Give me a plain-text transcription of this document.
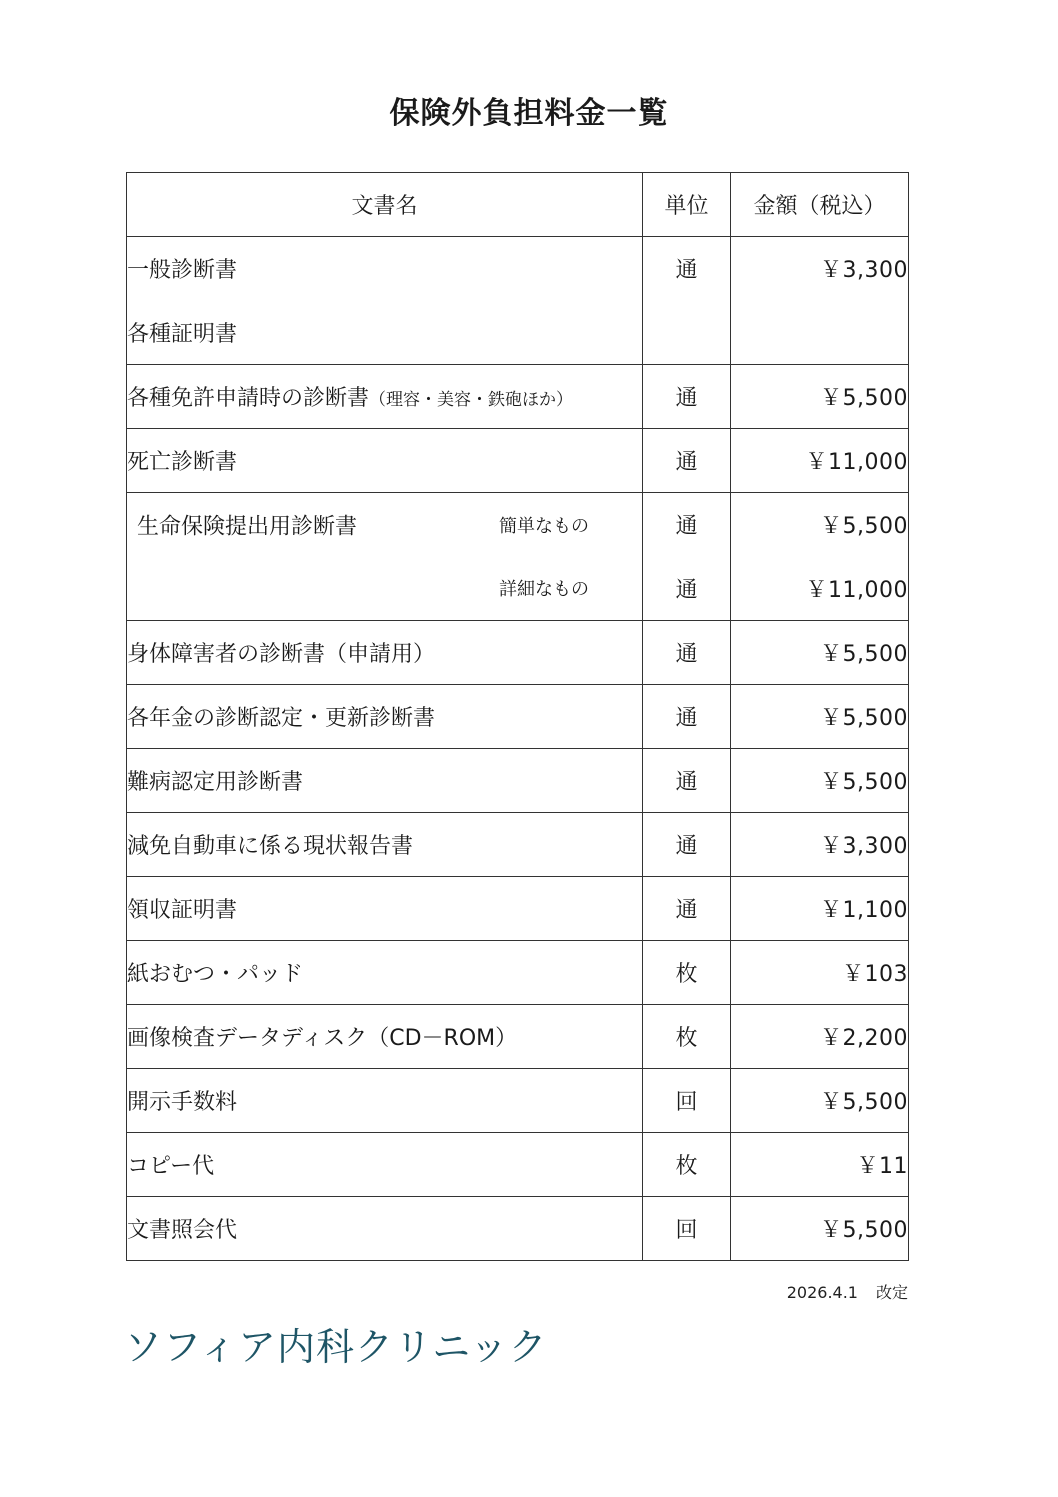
保険外負担料金一覧
文書名	単位	金額（税込）
一般診断書	通	￥3,300
各種証明書		
各種免許申請時の診断書（理容・美容・鉄砲ほか）	通	￥5,500
死亡診断書	通	￥11,000

生命保険提出用診断書 簡単なもの	通	￥5,500

詳細なもの	通	￥11,000
身体障害者の診断書（申請用）	通	￥5,500
各年金の診断認定・更新診断書	通	￥5,500
難病認定用診断書	通	￥5,500
減免自動車に係る現状報告書	通	￥3,300
領収証明書	通	￥1,100
紙おむつ・パッド	枚	￥103
画像検査データディスク（CD－ROM）	枚	￥2,200
開示手数料	回	￥5,500
コピー代	枚	￥11
文書照会代	回	￥5,500
2026.4.1 改定
ソフィア内科クリニック
